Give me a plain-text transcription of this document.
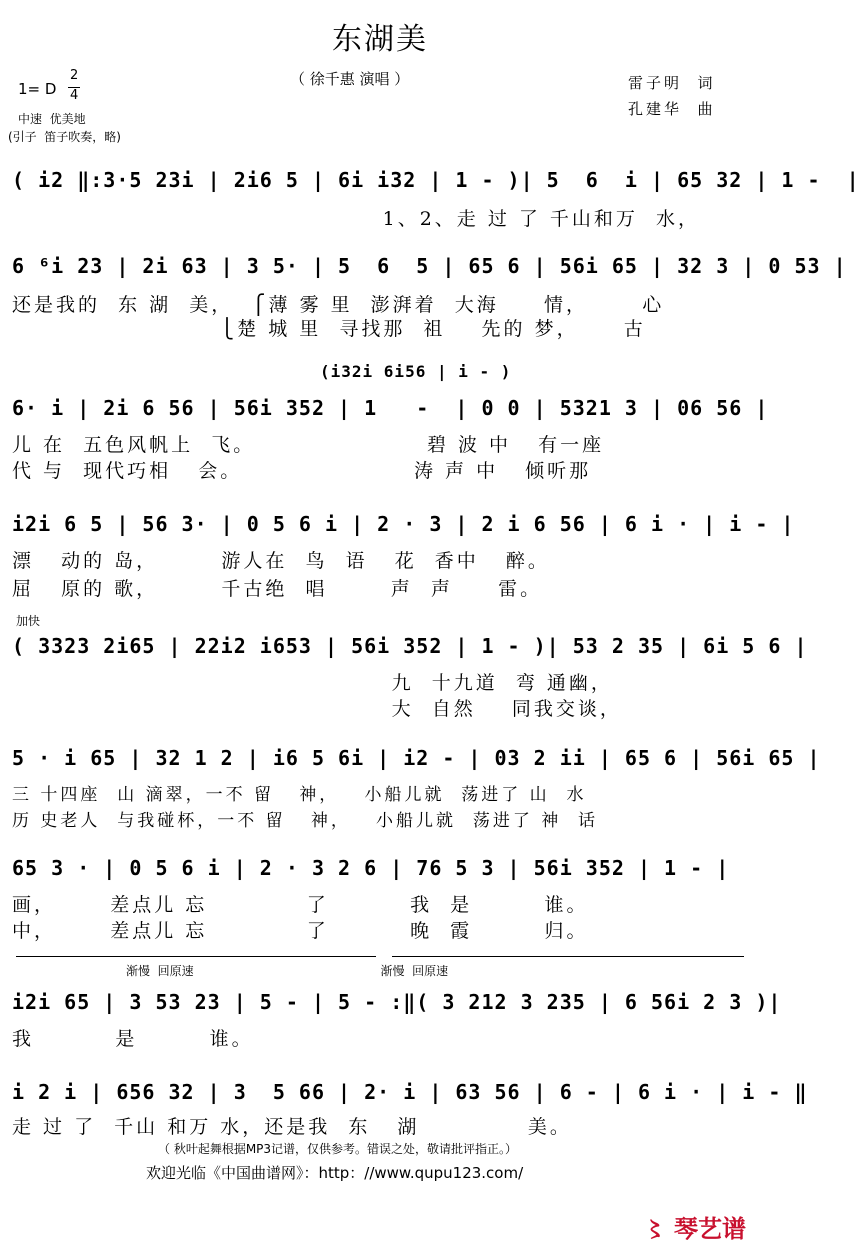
东湖美
（ 徐千惠 演唱 ）
1= D
2
4
中速  优美地
(引子  笛子吹奏，略)
雷子明  词
孔建华  曲
( i2 ‖:3·5 23i | 2i6 5 | 6i i32 | 1 - )| 5  6  i | 65 32 | 1 -  |
1、2、走 过 了 千山和万  水，
6 ⁶i 23 | 2i 63 | 3 5· | 5  6  5 | 65 6 | 56i 65 | 32 3 | 0 53 |
还是我的  东 湖  美，  ⎧薄 雾 里  澎湃着  大海     情，      心
⎩楚 城 里  寻找那  祖    先的 梦，     古
(i32i 6i56 | i - )
6· i | 2i 6 56 | 56i 352 | 1   -  | 0 0 | 5321 3 | 06 56 |
儿 在  五色风帆上  飞。                   碧 波 中   有一座
代 与  现代巧相   会。                   涛 声 中   倾听那
i2i 6 5 | 56 3· | 0 5 6 i | 2 · 3 | 2 i 6 56 | 6 i · | i - |
漂   动的 岛，       游人在  鸟  语   花  香中   醉。
屈   原的 歌，       千古绝  唱       声  声     雷。
加快
( 3323 2i65 | 22i2 i653 | 56i 352 | 1 - )| 53 2 35 | 6i 5 6 |
九  十九道  弯 通幽，
大  自然    同我交谈，
5 · i 65 | 32 1 2 | i6 5 6i | i2 - | 03 2 ii | 65 6 | 56i 65 |
三 十四座  山 滴翠，一不 留   神，   小船儿就  荡进了 山  水
历 史老人  与我碰杯，一不 留   神，   小船儿就  荡进了 神  话
65 3 · | 0 5 6 i | 2 · 3 2 6 | 76 5 3 | 56i 352 | 1 - |
画，      差点儿 忘           了         我  是        谁。
中，      差点儿 忘           了         晚  霞        归。
渐慢  回原速                                                 渐慢  回原速
i2i 65 | 3 53 23 | 5 - | 5 - :‖( 3 212 3 235 | 6 56i 2 3 )|
我         是        谁。
i 2 i | 656 32 | 3  5 66 | 2· i | 63 56 | 6 - | 6 i · | i - ‖
走 过 了  千山 和万 水，还是我  东   湖            美。
（ 秋叶起舞根据MP3记谱，仅供参考。错误之处，敬请批评指正。）
欢迎光临《中国曲谱网》：http：//www.qupu123.com/
〻 琴艺谱
